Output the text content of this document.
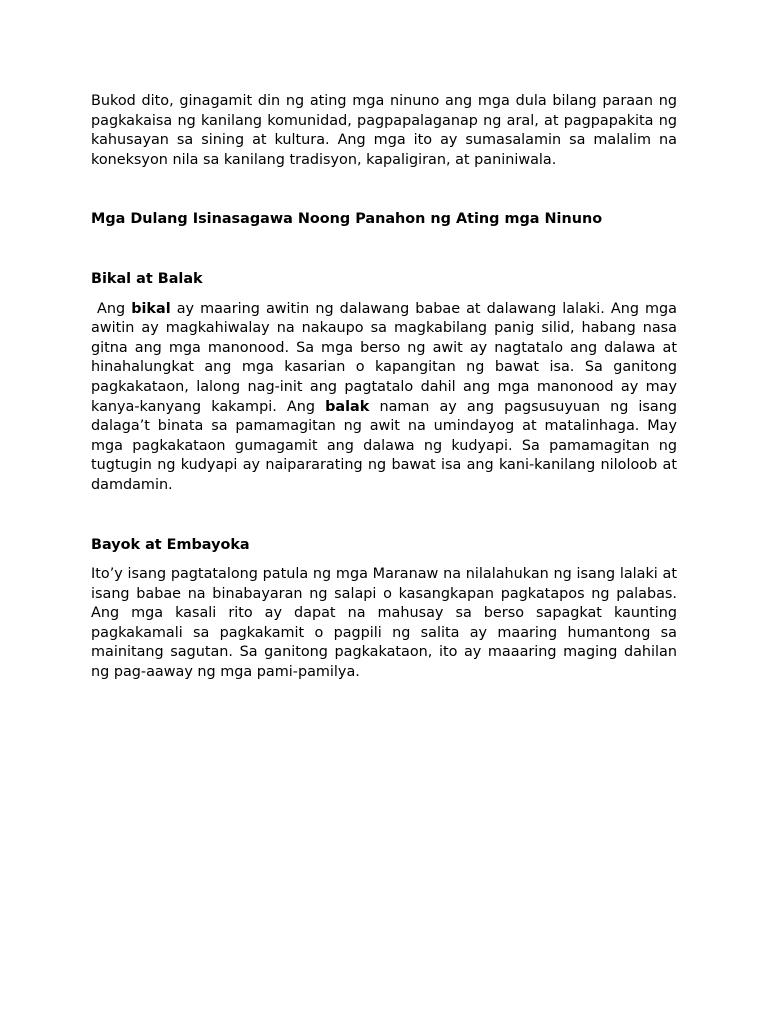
Bukod dito, ginagamit din ng ating mga ninuno ang mga dula bilang paraan ng pagkakaisa ng kanilang komunidad, pagpapalaganap ng aral, at pagpapakita ng kahusayan sa sining at kultura. Ang mga ito ay sumasalamin sa malalim na koneksyon nila sa kanilang tradisyon, kapaligiran, at paniniwala.

Mga Dulang Isinasagawa Noong Panahon ng Ating mga Ninuno

Bikal at Balak

Ang bikal ay maaring awitin ng dalawang babae at dalawang lalaki. Ang mga awitin ay magkahiwalay na nakaupo sa magkabilang panig silid, habang nasa gitna ang mga manonood. Sa mga berso ng awit ay nagtatalo ang dalawa at hinahalungkat ang mga kasarian o kapangitan ng bawat isa. Sa ganitong pagkakataon, lalong nag-init ang pagtatalo dahil ang mga manonood ay may kanya-kanyang kakampi. Ang balak naman ay ang pagsusuyuan ng isang dalaga’t binata sa pamamagitan ng awit na umindayog at matalinhaga. May mga pagkakataon gumagamit ang dalawa ng kudyapi. Sa pamamagitan ng tugtugin ng kudyapi ay naipararating ng bawat isa ang kani-kanilang niloloob at damdamin.

Bayok at Embayoka

Ito’y isang pagtatalong patula ng mga Maranaw na nilalahukan ng isang lalaki at isang babae na binabayaran ng salapi o kasangkapan pagkatapos ng palabas. Ang mga kasali rito ay dapat na mahusay sa berso sapagkat kaunting pagkakamali sa pagkakamit o pagpili ng salita ay maaring humantong sa mainitang sagutan. Sa ganitong pagkakataon, ito ay maaaring maging dahilan ng pag-aaway ng mga pami-pamilya.
